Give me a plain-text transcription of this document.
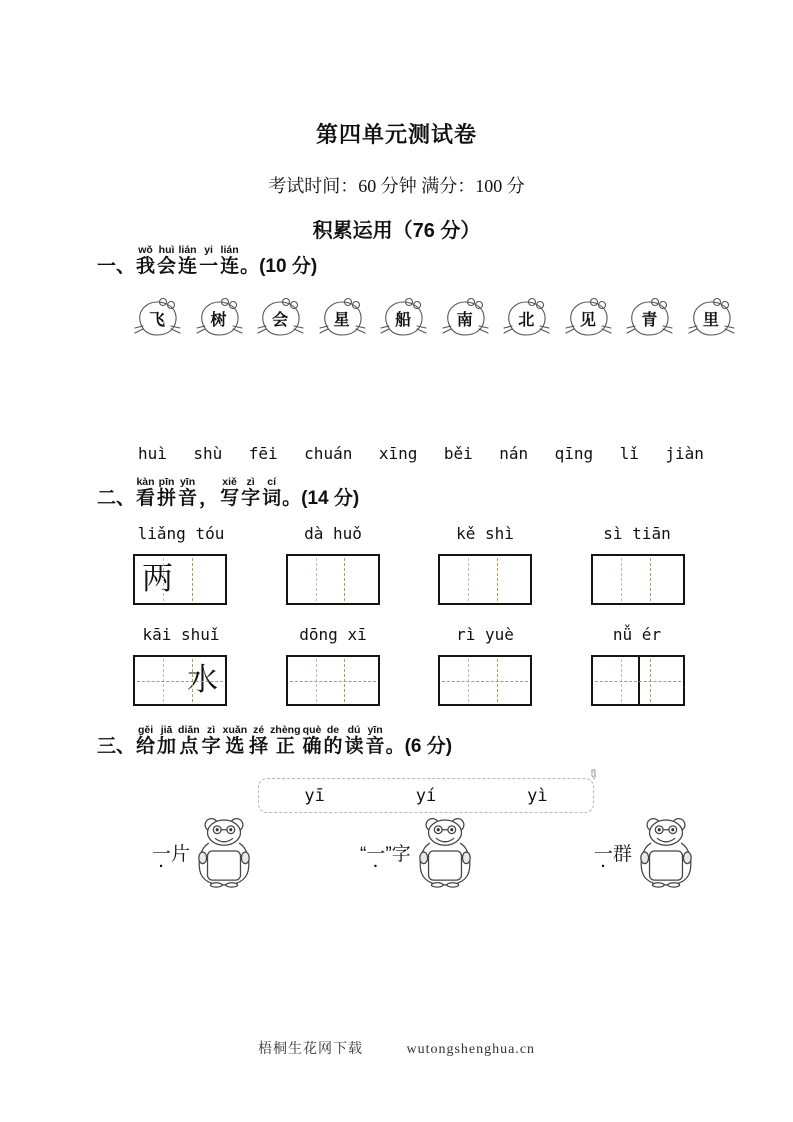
第四单元测试卷
考试时间：60 分钟 满分：100 分
积累运用（76 分）
一、我wǒ会huì连lián一yi连lián。(10 分)
飞	树	会	星	船	南	北	见	青	里
huì shù fēi chuán xīng běi nán qīng lǐ jiàn
二、看kàn拼pīn音yīn， 写xiě字zì词cí。(14 分)
liǎng tóu	dà huǒ	kě shì	sì tiān
两
kāi shuǐ	dōng xī	rì yuè	nǚ ér
水
三、给gěi加jiā点diǎn字zì选xuǎn择zé正zhèng确què的de读dú音yīn。(6 分)
yī	yí	yì
✎
一片	“一”字	一群
梧桐生花网下载	wutongshenghua.cn
